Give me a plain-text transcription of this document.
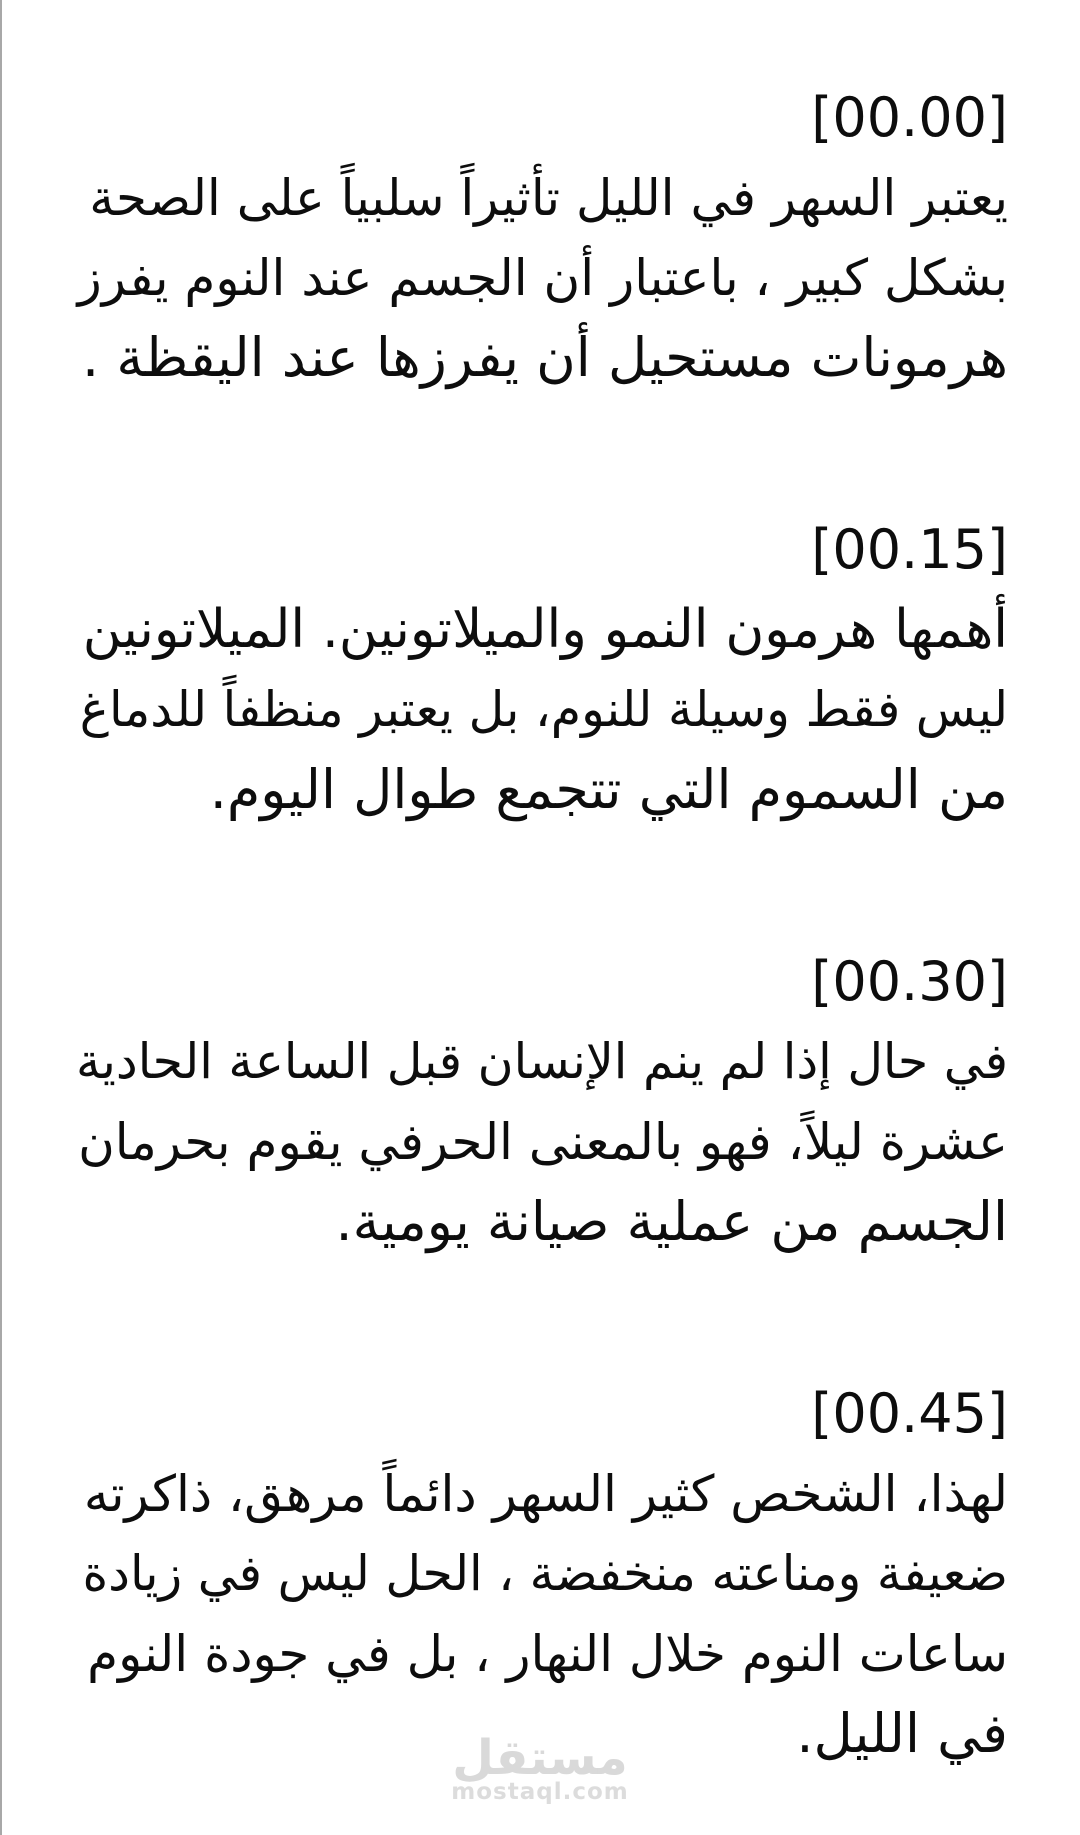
[00.00]
يعتبر السهر في الليل تأثيراً سلبياً على الصحة
بشكل كبير ، باعتبار أن الجسم عند النوم يفرز
هرمونات مستحيل أن يفرزها عند اليقظة .
[00.15]
أهمها هرمون النمو والميلاتونين. الميلاتونين
ليس فقط وسيلة للنوم، بل يعتبر منظفاً للدماغ
من السموم التي تتجمع طوال اليوم.
[00.30]
في حال إذا لم ينم الإنسان قبل الساعة الحادية
عشرة ليلاً، فهو بالمعنى الحرفي يقوم بحرمان
الجسم من عملية صيانة يومية.
[00.45]
لهذا، الشخص كثير السهر دائماً مرهق، ذاكرته
ضعيفة ومناعته منخفضة ، الحل ليس في زيادة
ساعات النوم خلال النهار ، بل في جودة النوم
في الليل.
مستقل
mostaql.com
